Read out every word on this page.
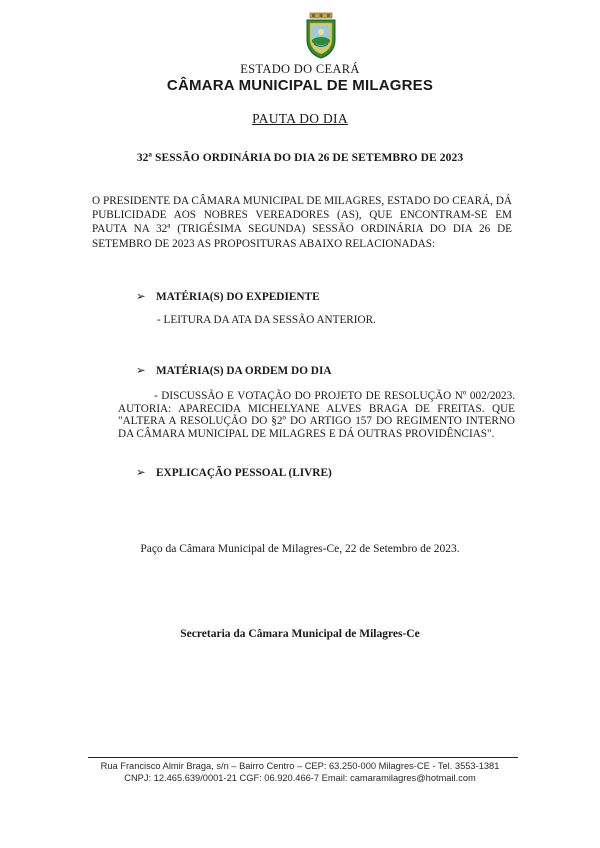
ESTADO DO CEARÁ
CÂMARA MUNICIPAL DE MILAGRES
PAUTA DO DIA
32ª SESSÃO ORDINÁRIA DO DIA 26 DE SETEMBRO DE 2023
O PRESIDENTE DA CÂMARA MUNICIPAL DE MILAGRES, ESTADO DO CEARÁ, DÁ PUBLICIDADE AOS NOBRES VEREADORES (AS), QUE ENCONTRAM-SE EM PAUTA NA 32ª (TRIGÉSIMA SEGUNDA) SESSÃO ORDINÁRIA DO DIA 26 DE SETEMBRO DE 2023 AS PROPOSITURAS ABAIXO RELACIONADAS:
➢ MATÉRIA(S) DO EXPEDIENTE
- LEITURA DA ATA DA SESSÃO ANTERIOR.
➢ MATÉRIA(S) DA ORDEM DO DIA
- DISCUSSÃO E VOTAÇÃO DO PROJETO DE RESOLUÇÃO Nº 002/2023. AUTORIA: APARECIDA MICHELYANE ALVES BRAGA DE FREITAS. QUE "ALTERA A RESOLUÇÃO DO §2º DO ARTIGO 157 DO REGIMENTO INTERNO DA CÂMARA MUNICIPAL DE MILAGRES E DÁ OUTRAS PROVIDÊNCIAS".
➢ EXPLICAÇÃO PESSOAL (LIVRE)
Paço da Câmara Municipal de Milagres-Ce, 22 de Setembro de 2023.
Secretaria da Câmara Municipal de Milagres-Ce
Rua Francisco Almir Braga, s/n – Bairro Centro – CEP: 63.250-000 Milagres-CE - Tel. 3553-1381
CNPJ: 12.465.639/0001-21 CGF: 06.920.466-7 Email: camaramilagres@hotmail.com
